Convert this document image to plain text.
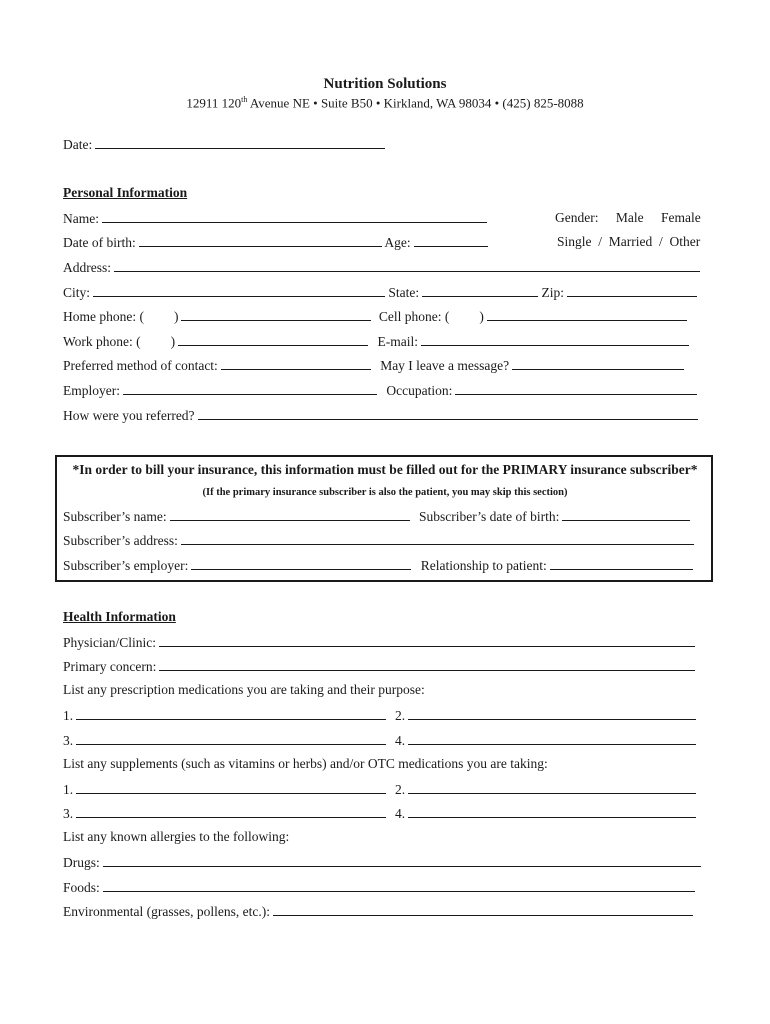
Nutrition Solutions
12911 120th Avenue NE • Suite B50 • Kirkland, WA 98034 • (425) 825-8088
Date:
Personal Information
Name:	Gender: Male Female
Date of birth:	Age:	Single  /  Married  /  Other
Address:
City:	State:	Zip:
Home phone: ( )	Cell phone: ( )
Work phone: ( )	E-mail:
Preferred method of contact:	May I leave a message?
Employer:	Occupation:
How were you referred?
*In order to bill your insurance, this information must be filled out for the PRIMARY insurance subscriber*
(If the primary insurance subscriber is also the patient, you may skip this section)
Subscriber’s name:	Subscriber’s date of birth:
Subscriber’s address:
Subscriber’s employer:	Relationship to patient:
Health Information
Physician/Clinic:
Primary concern:
List any prescription medications you are taking and their purpose:
1.	2.
3.	4.
List any supplements (such as vitamins or herbs) and/or OTC medications you are taking:
1.	2.
3.	4.
List any known allergies to the following:
Drugs:
Foods:
Environmental (grasses, pollens, etc.):
